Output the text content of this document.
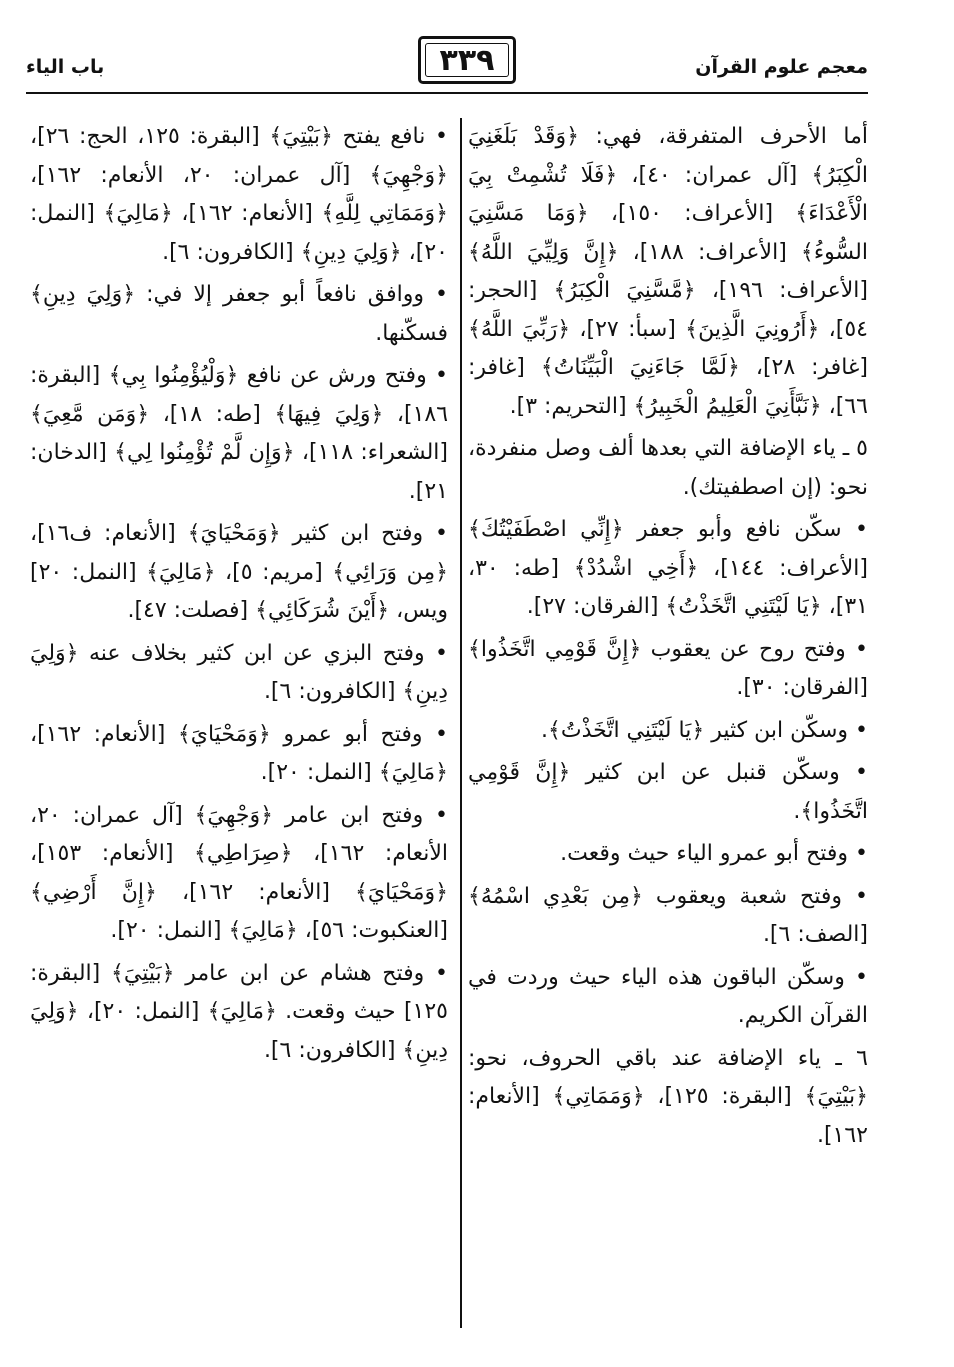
معجم علوم القرآن
٣٣٩
باب الياء

أما الأحرف المتفرقة، فهي: ﴿وَقَدْ بَلَغَنِيَ الْكِبَرُ﴾ [آل عمران: ٤٠]، ﴿فَلَا تُشْمِتْ بِيَ الْأَعْدَاءَ﴾ [الأعراف: ١٥٠]، ﴿وَمَا مَسَّنِيَ السُّوءُ﴾ [الأعراف: ١٨٨]، ﴿إِنَّ وَلِيِّيَ اللَّهُ﴾ [الأعراف: ١٩٦]، ﴿مَّسَّنِيَ الْكِبَرُ﴾ [الحجر: ٥٤]، ﴿أَرُونِيَ الَّذِينَ﴾ [سبأ: ٢٧]، ﴿رَبِّيَ اللَّهُ﴾ [غافر: ٢٨]، ﴿لَمَّا جَاءَنِيَ الْبَيِّنَاتُ﴾ [غافر: ٦٦]، ﴿نَبَّأَنِيَ الْعَلِيمُ الْخَبِيرُ﴾ [التحريم: ٣].

٥ ـ ياء الإضافة التي بعدها ألف وصل منفردة، نحو: (إن اصطفيتك).

• سكّن نافع وأبو جعفر ﴿إِنِّي اصْطَفَيْتُكَ﴾ [الأعراف: ١٤٤]، ﴿أَخِي اشْدُدْ﴾ [طه: ٣٠، ٣١]، ﴿يَا لَيْتَنِي اتَّخَذْتُ﴾ [الفرقان: ٢٧].

• وفتح روح عن يعقوب ﴿إِنَّ قَوْمِي اتَّخَذُوا﴾ [الفرقان: ٣٠].

• وسكّن ابن كثير ﴿يَا لَيْتَنِي اتَّخَذْتُ﴾.

• وسكّن قنبل عن ابن كثير ﴿إِنَّ قَوْمِي اتَّخَذُوا﴾.

• وفتح أبو عمرو الياء حيث وقعت.

• وفتح شعبة ويعقوب ﴿مِن بَعْدِي اسْمُهُ﴾ [الصف: ٦].

• وسكّن الباقون هذه الياء حيث وردت في القرآن الكريم.

٦ ـ ياء الإضافة عند باقي الحروف، نحو: ﴿بَيْتِيَ﴾ [البقرة: ١٢٥]، ﴿وَمَمَاتِي﴾ [الأنعام: ١٦٢].

• نافع يفتح ﴿بَيْتِيَ﴾ [البقرة: ١٢٥، الحج: ٢٦]، ﴿وَجْهِيَ﴾ [آل عمران: ٢٠، الأنعام: ١٦٢]، ﴿وَمَمَاتِي لِلَّهِ﴾ [الأنعام: ١٦٢]، ﴿مَالِيَ﴾ [النمل: ٢٠]، ﴿وَلِيَ دِينِ﴾ [الكافرون: ٦].

• ووافق نافعاً أبو جعفر إلا في: ﴿وَلِيَ دِينِ﴾ فسكّنها.

• وفتح ورش عن نافع ﴿وَلْيُؤْمِنُوا بِي﴾ [البقرة: ١٨٦]، ﴿وَلِيَ فِيهَا﴾ [طه: ١٨]، ﴿وَمَن مَّعِيَ﴾ [الشعراء: ١١٨]، ﴿وَإِن لَّمْ تُؤْمِنُوا لِي﴾ [الدخان: ٢١].

• وفتح ابن كثير ﴿وَمَحْيَايَ﴾ [الأنعام: ف١٦]، ﴿مِن وَرَائِي﴾ [مريم: ٥]، ﴿مَالِيَ﴾ [النمل: ٢٠] ويس، ﴿أَيْنَ شُرَكَائِي﴾ [فصلت: ٤٧].

• وفتح البزي عن ابن كثير بخلاف عنه ﴿وَلِيَ دِينِ﴾ [الكافرون: ٦].

• وفتح أبو عمرو ﴿وَمَحْيَايَ﴾ [الأنعام: ١٦٢]، ﴿مَالِيَ﴾ [النمل: ٢٠].

• وفتح ابن عامر ﴿وَجْهِيَ﴾ [آل عمران: ٢٠، الأنعام: ١٦٢]، ﴿صِرَاطِي﴾ [الأنعام: ١٥٣]، ﴿وَمَحْيَايَ﴾ [الأنعام: ١٦٢]، ﴿إِنَّ أَرْضِي﴾ [العنكبوت: ٥٦]، ﴿مَالِيَ﴾ [النمل: ٢٠].

• وفتح هشام عن ابن عامر ﴿بَيْتِيَ﴾ [البقرة: ١٢٥] حيث وقعت. ﴿مَالِيَ﴾ [النمل: ٢٠]، ﴿وَلِيَ دِينِ﴾ [الكافرون: ٦].
